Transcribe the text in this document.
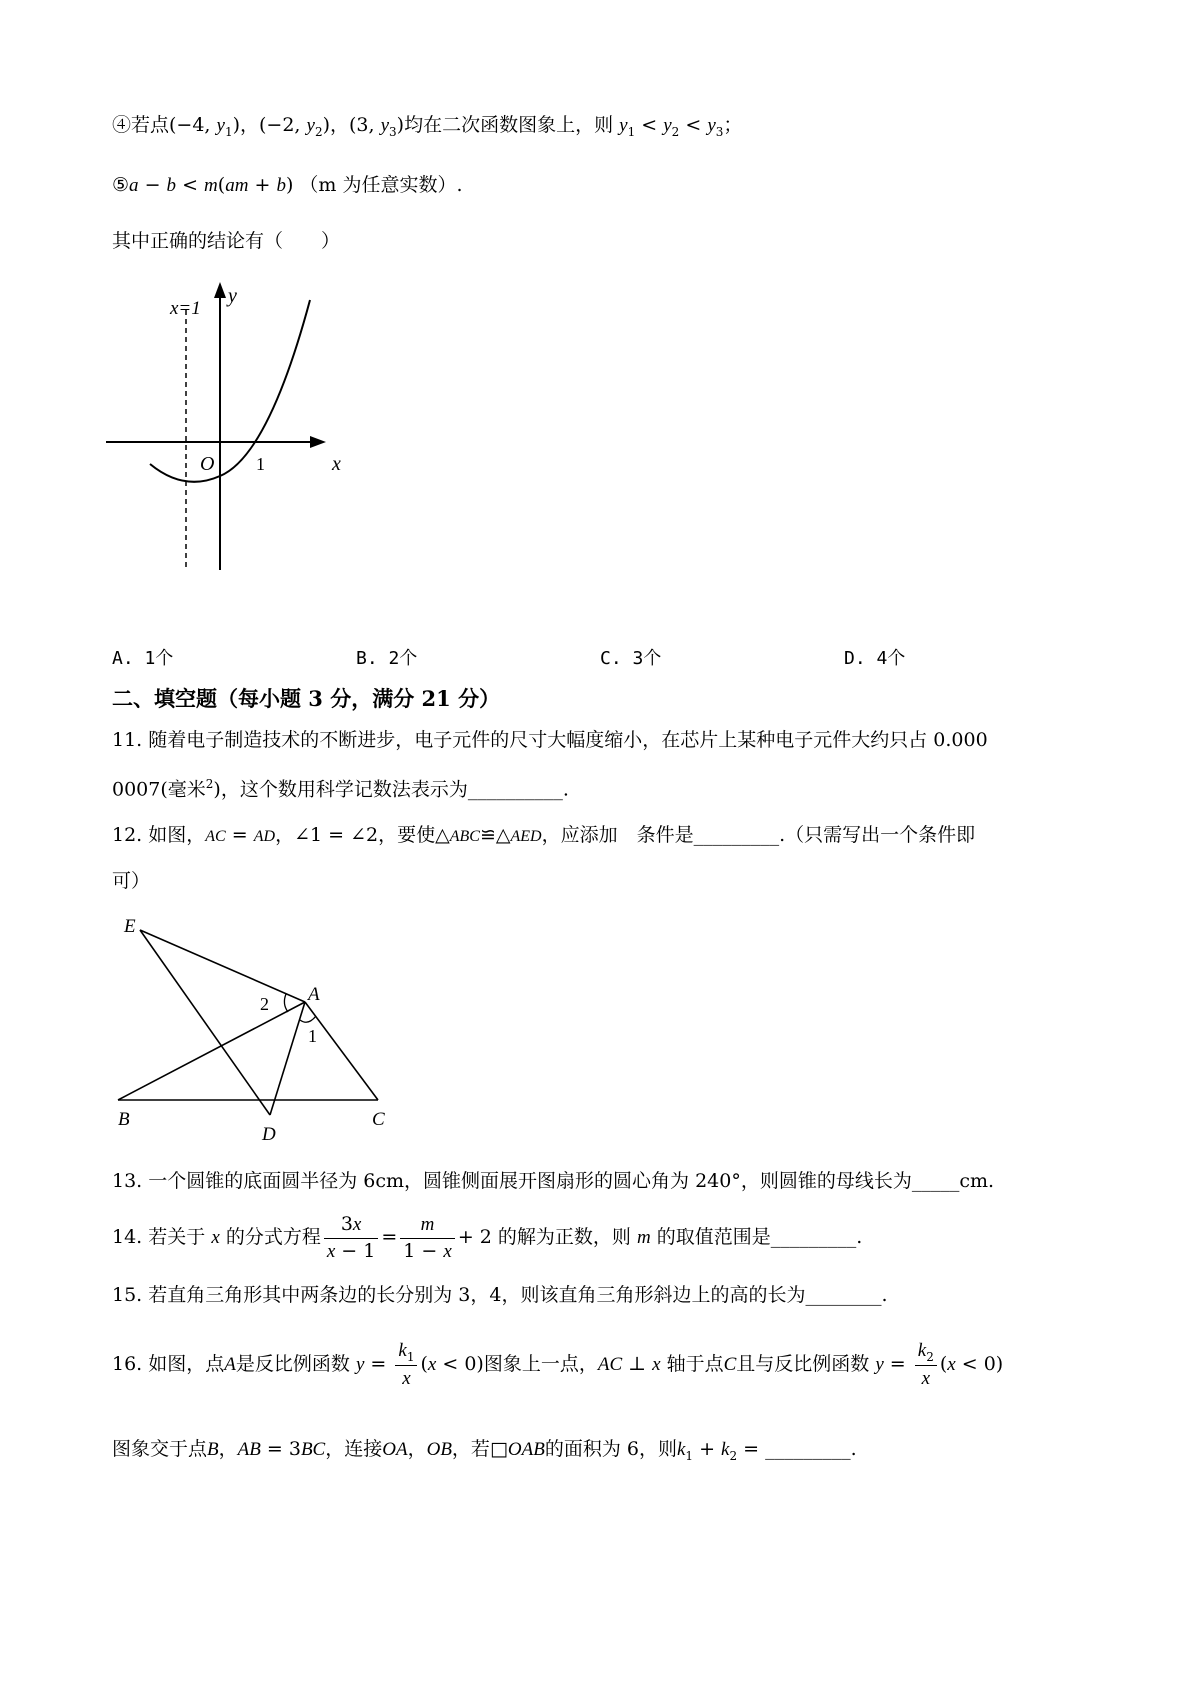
④若点(−4, $y_1$)，(−2, $y_2$)，(3, $y_3$)均在二次函数图象上，则 $y_1 < y_2 < y_3$；
⑤a − b < m(am + b) （m 为任意实数）.
其中正确的结论有（　　）
x=1
y
x
O 1
A. 1个	B. 2个	C. 3个	D. 4个
二、填空题（每小题 3 分，满分 21 分）
11. 随着电子制造技术的不断进步，电子元件的尺寸大幅度缩小，在芯片上某种电子元件大约只占 0.000
0007(毫米$^2$)，这个数用科学记数法表示为__________.
12. 如图，AC = AD，∠1 = ∠2，要使△ABC≌△AED，应添加　条件是_________.（只需写出一个条件即
可）
E
A
2
1
B	C
D
13. 一个圆锥的底面圆半径为 6cm，圆锥侧面展开图扇形的圆心角为 240°，则圆锥的母线长为_____cm.
14. 若关于 x 的分式方程 $\frac{3x}{x - 1} = \frac{m}{1 - x} + 2$ 的解为正数，则 m 的取值范围是_________.
15. 若直角三角形其中两条边的长分别为 3，4，则该直角三角形斜边上的高的长为________.
16. 如图，点A是反比例函数 $y = \frac{k_1}{x} (x < 0)$图象上一点，AC ⊥ x 轴于点C且与反比例函数 $y = \frac{k_2}{x} (x < 0)$
图象交于点B，AB = 3BC，连接OA，OB，若□OAB的面积为 6，则$k_1 + k_2$ = _________.
